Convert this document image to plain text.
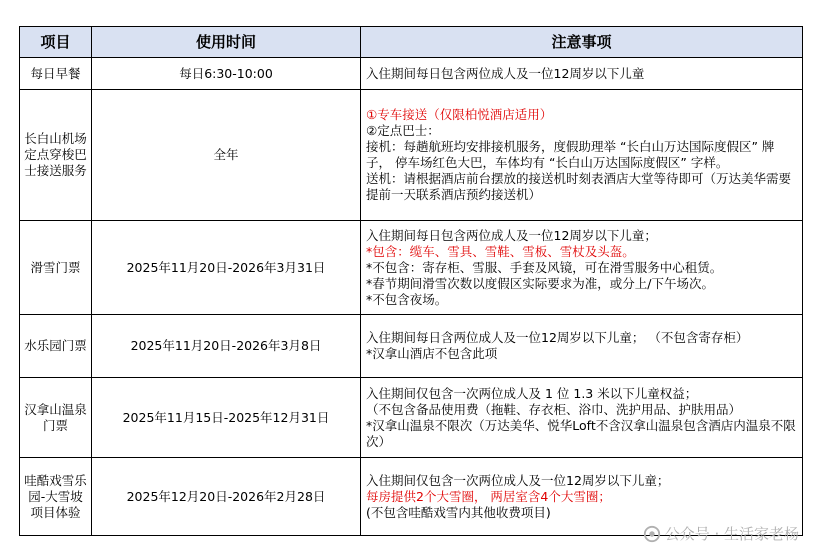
项目	使用时间	注意事项
每日早餐	每日6:30-10:00	入住期间每日包含两位成人及一位12周岁以下儿童

长白山机场定点穿梭巴士接送服务	全年	①专车接送（仅限柏悦酒店适用）
②定点巴士：
接机：每趟航班均安排接机服务，度假助理举 “长白山万达国际度假区” 牌子， 停车场红色大巴，车体均有 “长白山万达国际度假区” 字样。
送机：请根据酒店前台摆放的接送机时刻表酒店大堂等待即可（万达美华需要提前一天联系酒店预约接送机）

滑雪门票	2025年11月20日-2026年3月31日	入住期间每日包含两位成人及一位12周岁以下儿童；
*包含：缆车、雪具、雪鞋、雪板、雪杖及头盔。
*不包含：寄存柜、雪服、手套及风镜，可在滑雪服务中心租赁。
*春节期间滑雪次数以度假区实际要求为准，或分上/下午场次。
*不包含夜场。

水乐园门票	2025年11月20日-2026年3月8日	入住期间每日含两位成人及一位12周岁以下儿童； （不包含寄存柜）
*汉拿山酒店不包含此项

汉拿山温泉门票	2025年11月15日-2025年12月31日	入住期间仅包含一次两位成人及 1 位 1.3 米以下儿童权益；
（不包含备品使用费（拖鞋、存衣柜、浴巾、洗护用品、护肤用品）
*汉拿山温泉不限次（万达美华、悦华Loft不含汉拿山温泉包含酒店内温泉不限次）

哇酷戏雪乐园-大雪坡项目体验	2025年12月20日-2026年2月28日	入住期间仅包含一次两位成人及一位12周岁以下儿童；
每房提供2个大雪圈， 两居室含4个大雪圈；
(不包含哇酷戏雪内其他收费项目)
公众号 · 生活家老杨
